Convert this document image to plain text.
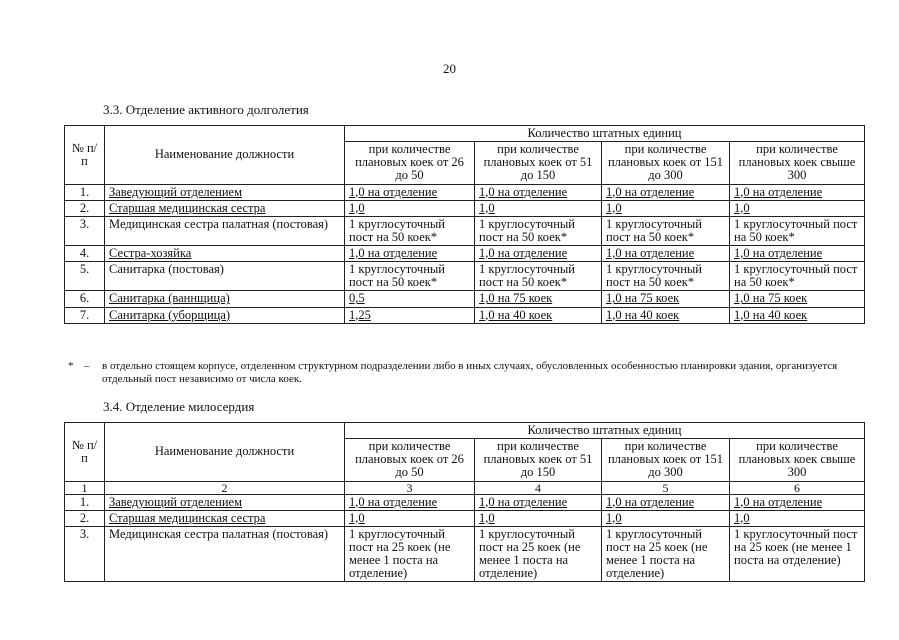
20
3.3. Отделение активного долголетия
№ п/п	Наименование должности	Количество штатных единиц			
		при количестве плановых коек от 26 до 50	при количестве плановых коек от 51 до 150	при количестве плановых коек от 151 до 300	при количестве плановых коек свыше 300
1.	Заведующий отделением	1,0 на отделение	1,0 на отделение	1,0 на отделение	1,0 на отделение
2.	Старшая медицинская сестра	1,0	1,0	1,0	1,0
3.	Медицинская сестра палатная (постовая)	1 круглосуточный пост на 50 коек*	1 круглосуточный пост на 50 коек*	1 круглосуточный пост на 50 коек*	1 круглосуточный пост на 50 коек*
4.	Сестра-хозяйка	1,0 на отделение	1,0 на отделение	1,0 на отделение	1,0 на отделение
5.	Санитарка (постовая)	1 круглосуточный пост на 50 коек*	1 круглосуточный пост на 50 коек*	1 круглосуточный пост на 50 коек*	1 круглосуточный пост на 50 коек*
6.	Санитарка (ваннщица)	0,5	1,0 на 75 коек	1,0 на 75 коек	1,0 на 75 коек
7.	Санитарка (уборщица)	1,25	1,0 на 40 коек	1,0 на 40 коек	1,0 на 40 коек
* – в отдельно стоящем корпусе, отделенном структурном подразделении либо в иных случаях, обусловленных особенностью планировки здания, организуется отдельный пост независимо от числа коек.
3.4. Отделение милосердия
№ п/п	Наименование должности	Количество штатных единиц			
		при количестве плановых коек от 26 до 50	при количестве плановых коек от 51 до 150	при количестве плановых коек от 151 до 300	при количестве плановых коек свыше 300
1	2	3	4	5	6
1.	Заведующий отделением	1,0 на отделение	1,0 на отделение	1,0 на отделение	1,0 на отделение
2.	Старшая медицинская сестра	1,0	1,0	1,0	1,0
3.	Медицинская сестра палатная (постовая)	1 круглосуточный пост на 25 коек (не менее 1 поста на отделение)	1 круглосуточный пост на 25 коек (не менее 1 поста на отделение)	1 круглосуточный пост на 25 коек (не менее 1 поста на отделение)	1 круглосуточный пост на 25 коек (не менее 1 поста на отделение)
